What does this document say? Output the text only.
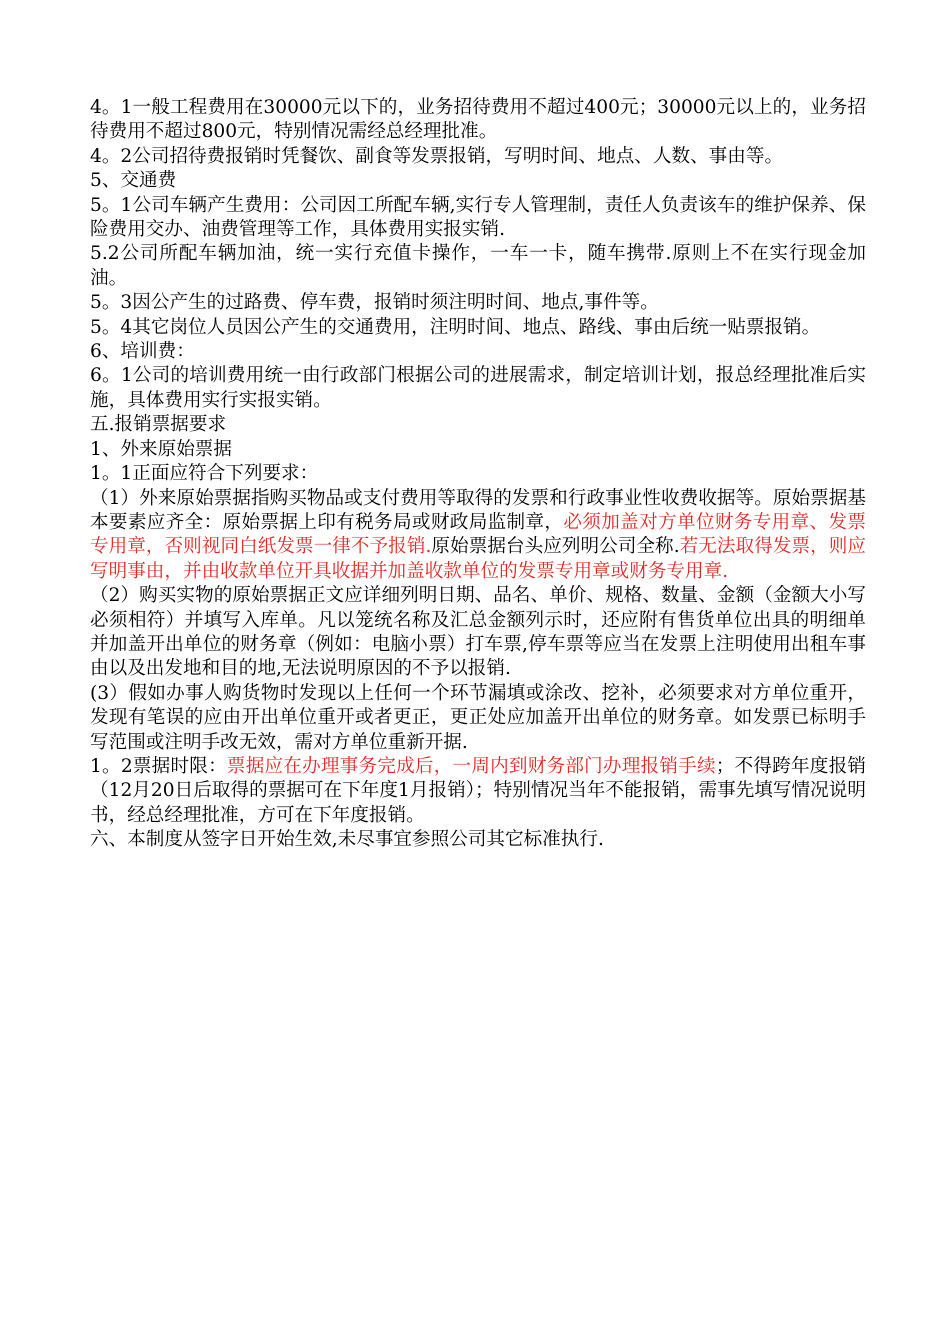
4。1一般工程费用在30000元以下的，业务招待费用不超过400元；30000元以上的，业务招待费用不超过800元，特别情况需经总经理批准。

4。2公司招待费报销时凭餐饮、副食等发票报销，写明时间、地点、人数、事由等。

5、交通费

5。1公司车辆产生费用：公司因工所配车辆,实行专人管理制，责任人负责该车的维护保养、保险费用交办、油费管理等工作，具体费用实报实销.

5.2公司所配车辆加油，统一实行充值卡操作，一车一卡，随车携带.原则上不在实行现金加油。

5。3因公产生的过路费、停车费，报销时须注明时间、地点,事件等。

5。4其它岗位人员因公产生的交通费用，注明时间、地点、路线、事由后统一贴票报销。

6、培训费：

6。1公司的培训费用统一由行政部门根据公司的进展需求，制定培训计划，报总经理批准后实施，具体费用实行实报实销。

五.报销票据要求

1、外来原始票据

1。1正面应符合下列要求：

（1）外来原始票据指购买物品或支付费用等取得的发票和行政事业性收费收据等。原始票据基本要素应齐全：原始票据上印有税务局或财政局监制章，必须加盖对方单位财务专用章、发票专用章，否则视同白纸发票一律不予报销.原始票据台头应列明公司全称.若无法取得发票，则应写明事由，并由收款单位开具收据并加盖收款单位的发票专用章或财务专用章.

（2）购买实物的原始票据正文应详细列明日期、品名、单价、规格、数量、金额（金额大小写必须相符）并填写入库单。凡以笼统名称及汇总金额列示时，还应附有售货单位出具的明细单并加盖开出单位的财务章（例如：电脑小票）打车票,停车票等应当在发票上注明使用出租车事由以及出发地和目的地,无法说明原因的不予以报销.

(3）假如办事人购货物时发现以上任何一个环节漏填或涂改、挖补，必须要求对方单位重开，发现有笔误的应由开出单位重开或者更正，更正处应加盖开出单位的财务章。如发票已标明手写范围或注明手改无效，需对方单位重新开据.

1。2票据时限：票据应在办理事务完成后，一周内到财务部门办理报销手续；不得跨年度报销（12月20日后取得的票据可在下年度1月报销）；特别情况当年不能报销，需事先填写情况说明书，经总经理批准，方可在下年度报销。

六、本制度从签字日开始生效,未尽事宜参照公司其它标准执行.
